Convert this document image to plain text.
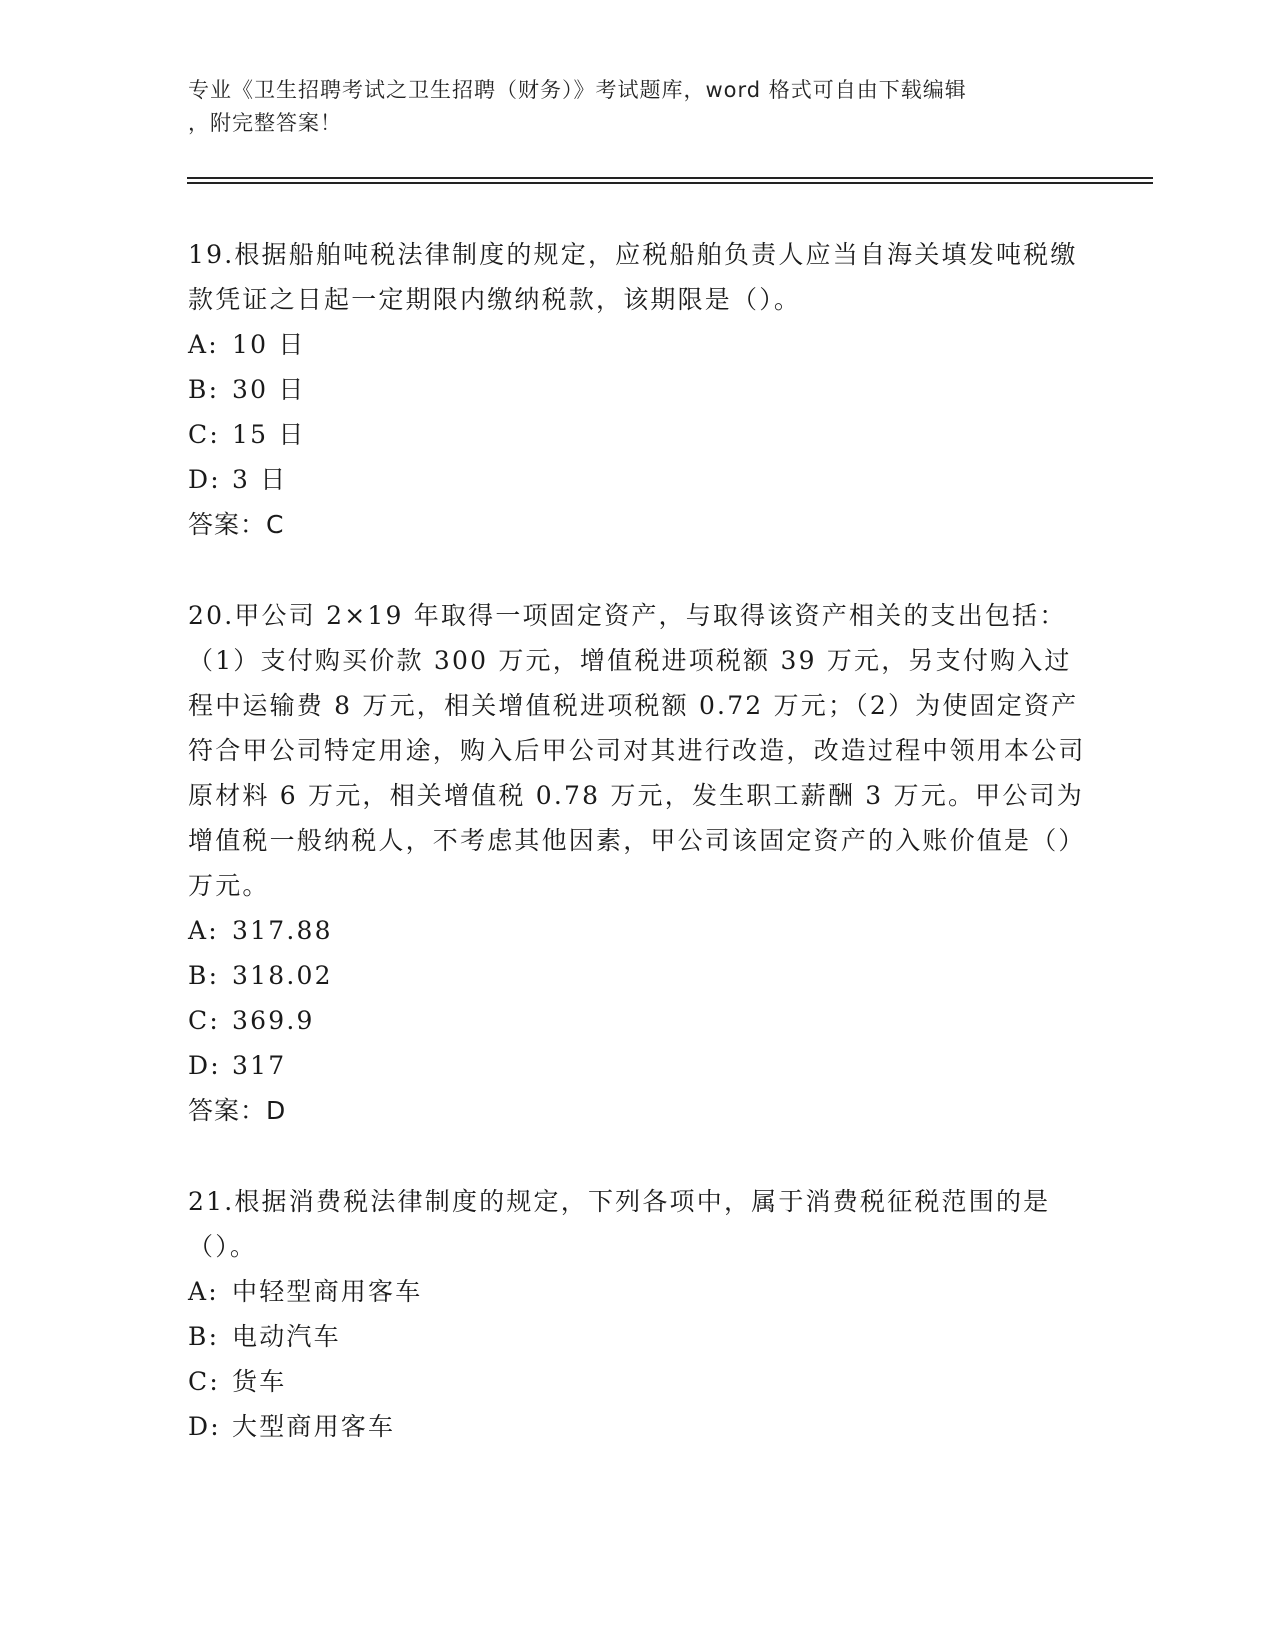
专业《卫生招聘考试之卫生招聘（财务）》考试题库，word 格式可自由下载编辑
，附完整答案！

19.根据船舶吨税法律制度的规定，应税船舶负责人应当自海关填发吨税缴款凭证之日起一定期限内缴纳税款，该期限是（）。

A: 10 日
B: 30 日
C: 15 日
D: 3 日

答案：C

20.甲公司 2×19 年取得一项固定资产，与取得该资产相关的支出包括：（1）支付购买价款 300 万元，增值税进项税额 39 万元，另支付购入过程中运输费 8 万元，相关增值税进项税额 0.72 万元；（2）为使固定资产符合甲公司特定用途，购入后甲公司对其进行改造，改造过程中领用本公司原材料 6 万元，相关增值税 0.78 万元，发生职工薪酬 3 万元。甲公司为增值税一般纳税人，不考虑其他因素，甲公司该固定资产的入账价值是（）万元。

A: 317.88
B: 318.02
C: 369.9
D: 317

答案：D

21.根据消费税法律制度的规定，下列各项中，属于消费税征税范围的是（）。

A: 中轻型商用客车
B: 电动汽车
C: 货车
D: 大型商用客车
